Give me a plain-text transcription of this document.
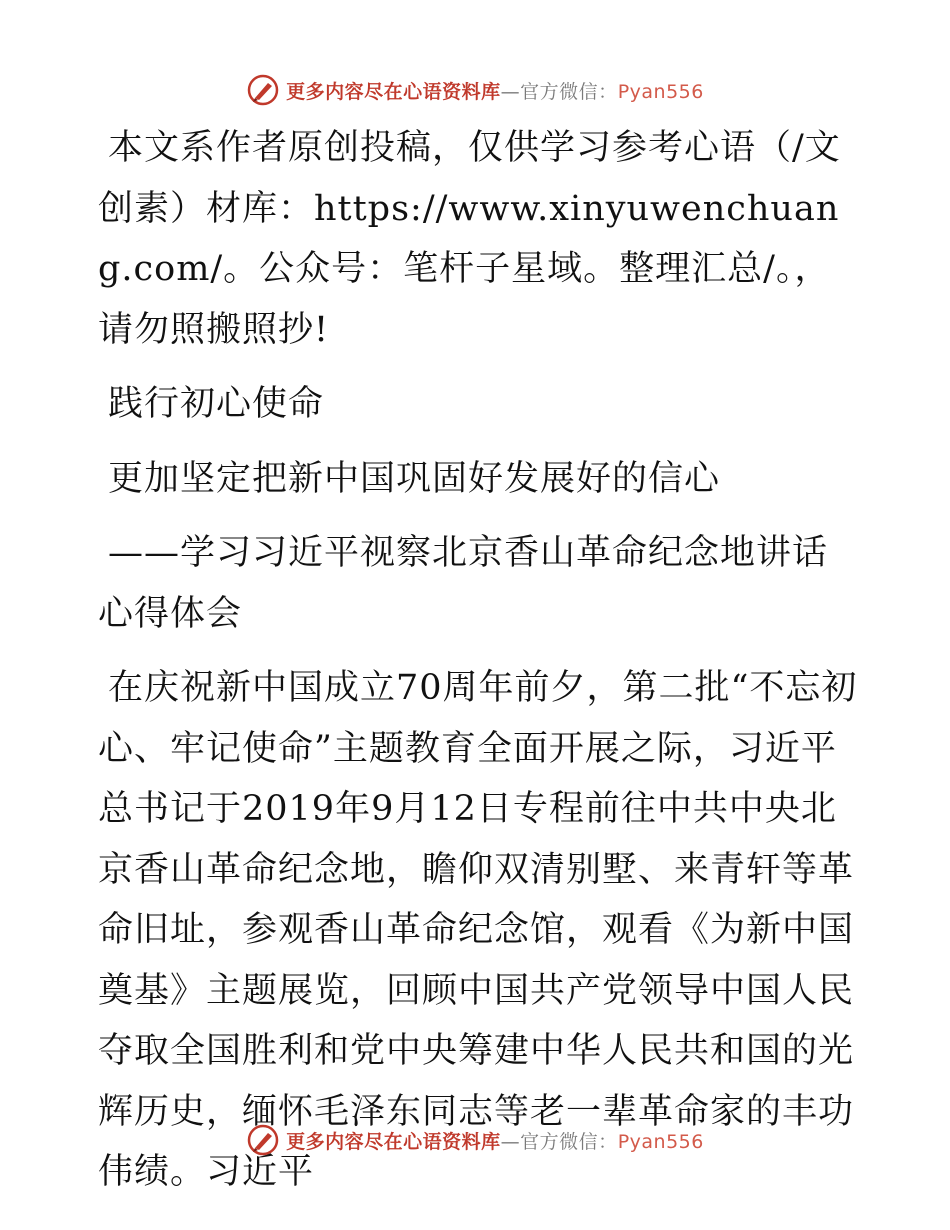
更多内容尽在心语资料库—官方微信：Pyan556

本文系作者原创投稿，仅供学习参考心语（/文创素）材库：https://www.xinyuwenchuang.com/。公众号：笔杆子星域。整理汇总/。，请勿照搬照抄!

践行初心使命

更加坚定把新中国巩固好发展好的信心

——学习习近平视察北京香山革命纪念地讲话心得体会

在庆祝新中国成立70周年前夕，第二批“不忘初心、牢记使命”主题教育全面开展之际，习近平总书记于2019年9月12日专程前往中共中央北京香山革命纪念地，瞻仰双清别墅、来青轩等革命旧址，参观香山革命纪念馆，观看《为新中国奠基》主题展览，回顾中国共产党领导中国人民夺取全国胜利和党中央筹建中华人民共和国的光辉历史，缅怀毛泽东同志等老一辈革命家的丰功伟绩。习近平

更多内容尽在心语资料库—官方微信：Pyan556
